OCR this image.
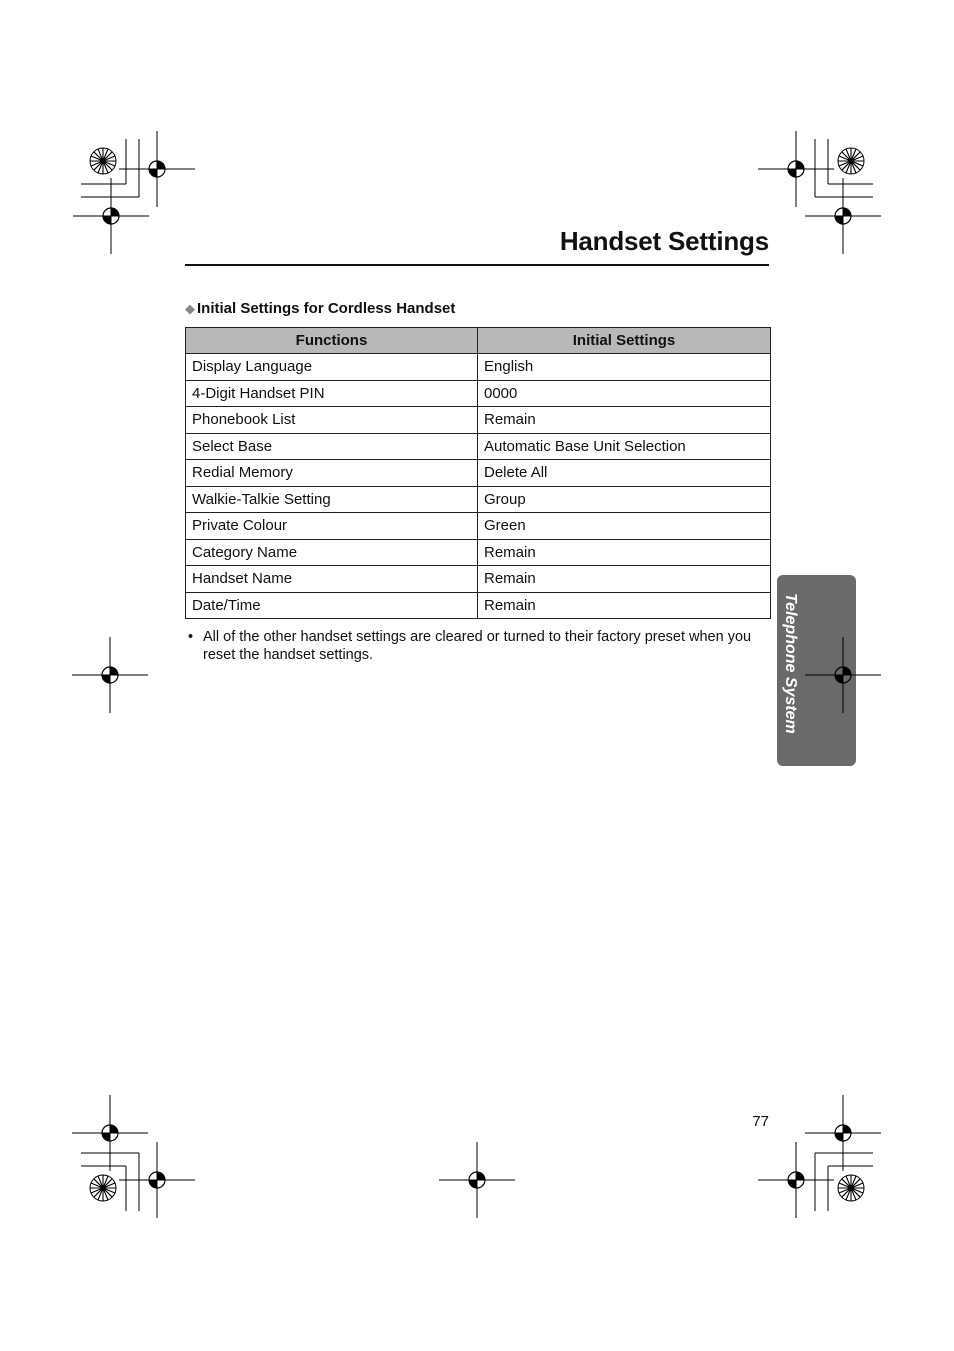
Handset Settings
◆ Initial Settings for Cordless Handset
Functions	Initial Settings
Display Language	English
4-Digit Handset PIN	0000
Phonebook List	Remain
Select Base	Automatic Base Unit Selection
Redial Memory	Delete All
Walkie-Talkie Setting	Group
Private Colour	Green
Category Name	Remain
Handset Name	Remain
Date/Time	Remain
• All of the other handset settings are cleared or turned to their factory preset when you reset the handset settings.	Telephone System
77
